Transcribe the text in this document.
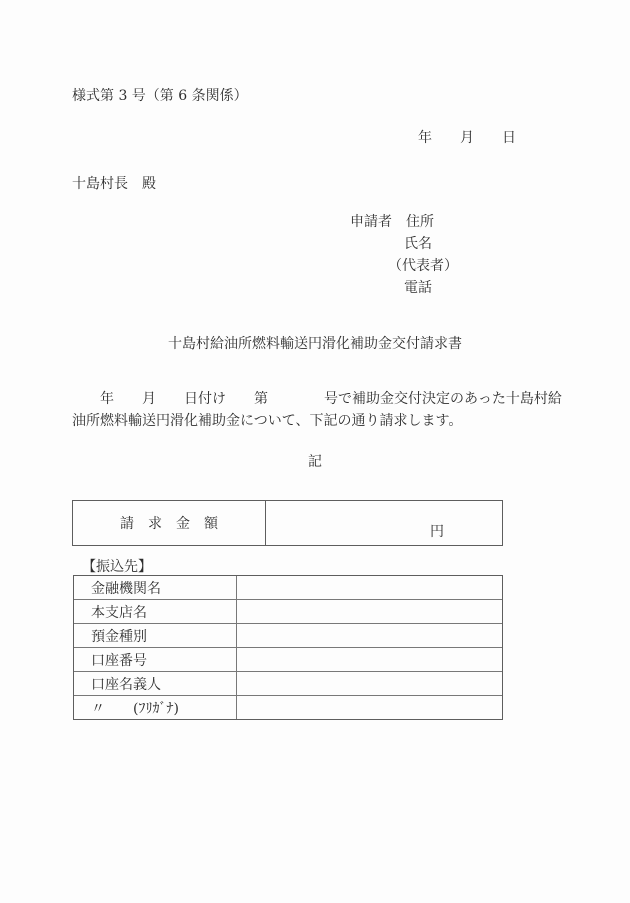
様式第 3 号（第 6 条関係）
年　　月　　日
十島村長　殿
申請者　住所
氏名
（代表者）
電話
十島村給油所燃料輸送円滑化補助金交付請求書
　　年　　月　　日付け　　第　　　　号で補助金交付決定のあった十島村給
油所燃料輸送円滑化補助金について、下記の通り請求します。
記
請　求　金　額	円
【振込先】
金融機関名
本支店名
預金種別
口座番号
口座名義人
〃　　(ﾌﾘｶﾞﾅ)
